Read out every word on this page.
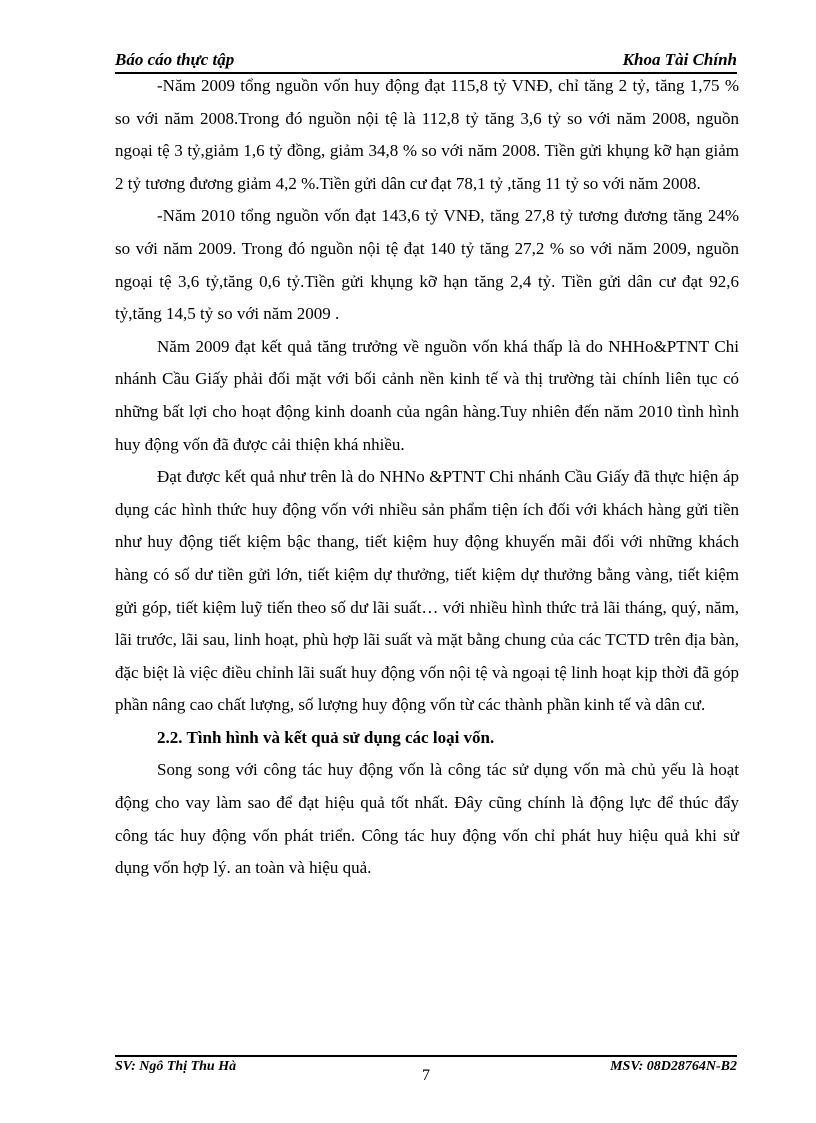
Báo cáo thực tập	Khoa Tài Chính

-Năm 2009 tổng nguồn vốn huy động đạt 115,8 tỷ VNĐ, chỉ tăng 2 tỷ, tăng 1,75 % so với năm 2008.Trong đó nguồn nội tệ là 112,8 tỷ tăng 3,6 tỷ so với năm 2008, nguồn ngoại tệ 3 tỷ,giảm 1,6 tỷ đồng, giảm 34,8 % so với năm 2008. Tiền gửi khụng kỡ hạn giảm 2 tỷ tương đương giảm 4,2 %.Tiền gửi dân cư đạt 78,1 tỷ ,tăng 11 tỷ so với năm 2008.

-Năm 2010 tổng nguồn vốn đạt 143,6 tỷ VNĐ, tăng 27,8 tỷ tương đương tăng 24% so với năm 2009. Trong đó nguồn nội tệ đạt 140 tỷ tăng 27,2 % so với năm 2009, nguồn ngoại tệ 3,6 tỷ,tăng 0,6 tỷ.Tiền gửi khụng kỡ hạn tăng 2,4 tỷ. Tiền gửi dân cư đạt 92,6 tỷ,tăng 14,5 tỷ so với năm 2009 .

Năm 2009 đạt kết quả tăng trưởng về nguồn vốn khá thấp là do NHHo&PTNT Chi nhánh Cầu Giấy phải đối mặt với bối cảnh nền kinh tế và thị trường tài chính liên tục có những bất lợi cho hoạt động kinh doanh của ngân hàng.Tuy nhiên đến năm 2010 tình hình huy động vốn đã được cải thiện khá nhiều.

Đạt được kết quả như trên là do NHNo &PTNT Chi nhánh Cầu Giấy đã thực hiện áp dụng các hình thức huy động vốn với nhiều sản phẩm tiện ích đối với khách hàng gửi tiền như huy động tiết kiệm bậc thang, tiết kiệm huy động khuyến mãi đối với những khách hàng có số dư tiền gửi lớn, tiết kiệm dự thưởng, tiết kiệm dự thưởng bằng vàng, tiết kiệm gửi góp, tiết kiệm luỹ tiến theo số dư lãi suất… với nhiều hình thức trả lãi tháng, quý, năm, lãi trước, lãi sau, linh hoạt, phù hợp lãi suất và mặt bằng chung của các TCTD trên địa bàn, đặc biệt là việc điều chỉnh lãi suất huy động vốn nội tệ và ngoại tệ linh hoạt kịp thời đã góp phần nâng cao chất lượng, số lượng huy động vốn từ các thành phần kinh tế và dân cư.

2.2. Tình hình và kết quả sử dụng các loại vốn.

Song song với công tác huy động vốn là công tác sử dụng vốn mà chủ yếu là hoạt động cho vay làm sao để đạt hiệu quả tốt nhất. Đây cũng chính là động lực để thúc đẩy công tác huy động vốn phát triển. Công tác huy động vốn chỉ phát huy hiệu quả khi sử dụng vốn hợp lý. an toàn và hiệu quả.

SV: Ngô Thị Thu Hà
7
MSV: 08D28764N-B2
